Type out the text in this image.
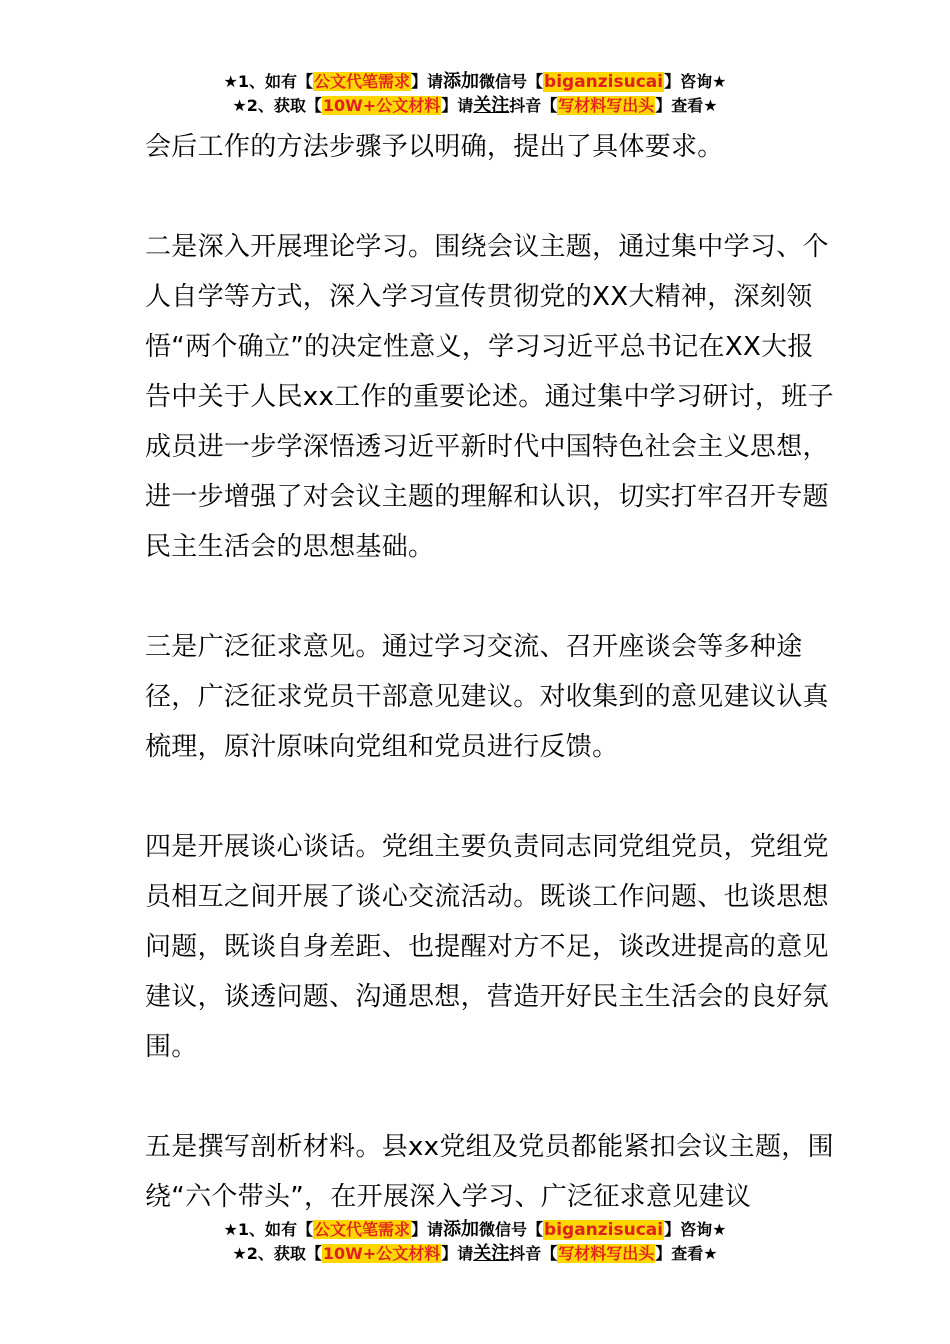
★1、如有【公文代笔需求】请添加微信号【biganzisucai】咨询★
★2、获取【10W+公文材料】请关注抖音【写材料写出头】查看★

会后工作的方法步骤予以明确，提出了具体要求。

二是深入开展理论学习。围绕会议主题，通过集中学习、个人自学等方式，深入学习宣传贯彻党的XX大精神，深刻领悟“两个确立”的决定性意义，学习习近平总书记在XX大报告中关于人民xx工作的重要论述。通过集中学习研讨，班子成员进一步学深悟透习近平新时代中国特色社会主义思想，进一步增强了对会议主题的理解和认识，切实打牢召开专题民主生活会的思想基础。

三是广泛征求意见。通过学习交流、召开座谈会等多种途径，广泛征求党员干部意见建议。对收集到的意见建议认真梳理，原汁原味向党组和党员进行反馈。

四是开展谈心谈话。党组主要负责同志同党组党员，党组党员相互之间开展了谈心交流活动。既谈工作问题、也谈思想问题，既谈自身差距、也提醒对方不足，谈改进提高的意见建议，谈透问题、沟通思想，营造开好民主生活会的良好氛围。

五是撰写剖析材料。县xx党组及党员都能紧扣会议主题，围绕“六个带头”，在开展深入学习、广泛征求意见建议

★1、如有【公文代笔需求】请添加微信号【biganzisucai】咨询★
★2、获取【10W+公文材料】请关注抖音【写材料写出头】查看★
